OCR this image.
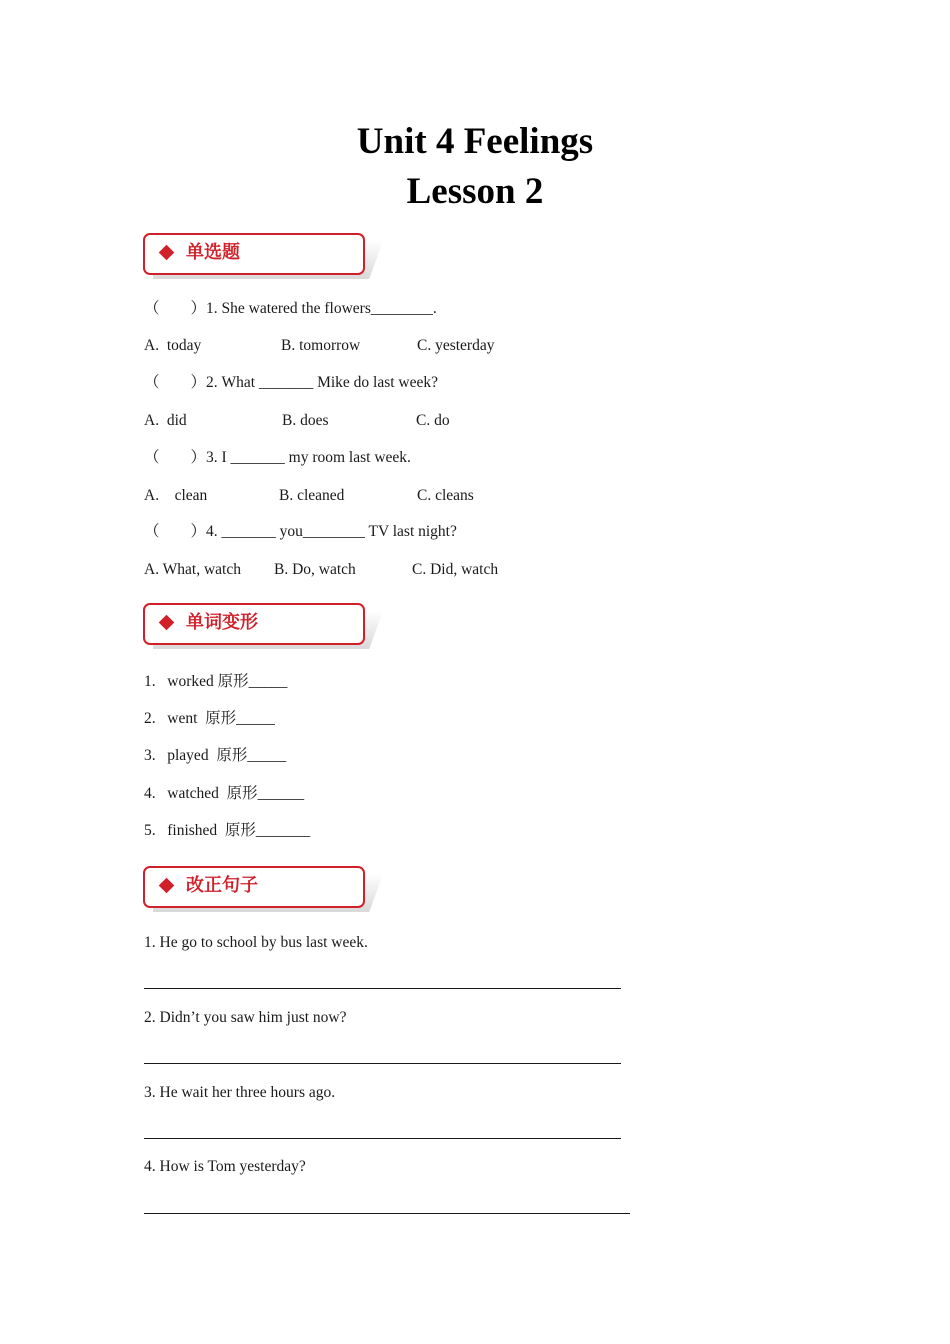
Unit 4 Feelings
Lesson 2
单选题
（        ）1. She watered the flowers________.
A.  today	B. tomorrow	C. yesterday
（        ）2. What _______ Mike do last week?
A.  did	B. does	C. do
（        ）3. I _______ my room last week.
A.    clean	B. cleaned	C. cleans
（        ）4. _______ you________ TV last night?
A. What, watch B. Do, watch	C. Did, watch
单词变形
1.   worked 原形_____
2.   went  原形_____
3.   played  原形_____
4.   watched  原形______
5.   finished  原形_______
改正句子
1. He go to school by bus last week.
2. Didn’t you saw him just now?
3. He wait her three hours ago.
4. How is Tom yesterday?
